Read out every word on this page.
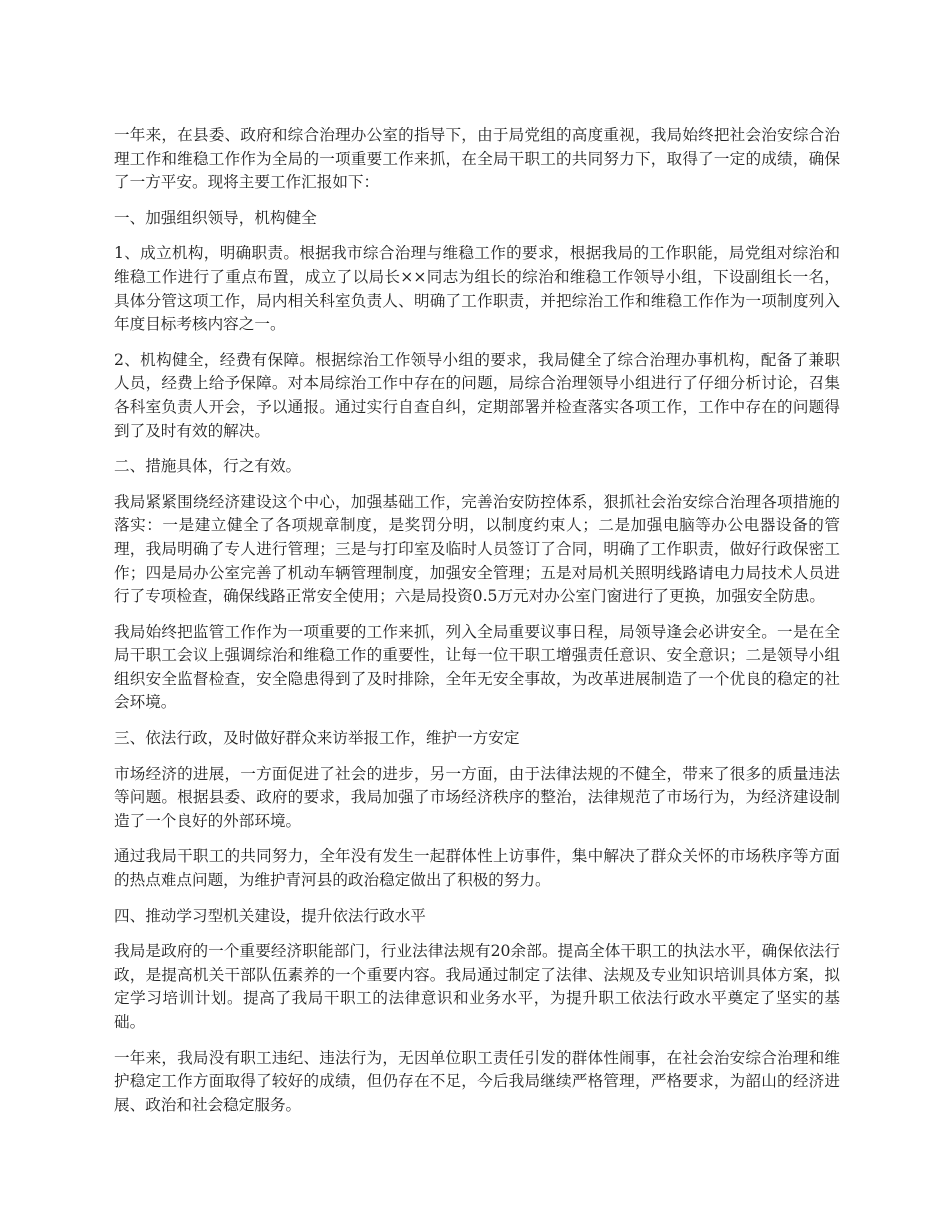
一年来，在县委、政府和综合治理办公室的指导下，由于局党组的高度重视，我局始终把社会治安综合治理工作和维稳工作作为全局的一项重要工作来抓，在全局干职工的共同努力下，取得了一定的成绩，确保了一方平安。现将主要工作汇报如下：

一、加强组织领导，机构健全

1、成立机构，明确职责。根据我市综合治理与维稳工作的要求，根据我局的工作职能，局党组对综治和维稳工作进行了重点布置，成立了以局长××同志为组长的综治和维稳工作领导小组，下设副组长一名，具体分管这项工作，局内相关科室负责人、明确了工作职责，并把综治工作和维稳工作作为一项制度列入年度目标考核内容之一。

2、机构健全，经费有保障。根据综治工作领导小组的要求，我局健全了综合治理办事机构，配备了兼职人员，经费上给予保障。对本局综治工作中存在的问题，局综合治理领导小组进行了仔细分析讨论，召集各科室负责人开会，予以通报。通过实行自查自纠，定期部署并检查落实各项工作，工作中存在的问题得到了及时有效的解决。

二、措施具体，行之有效。

我局紧紧围绕经济建设这个中心，加强基础工作，完善治安防控体系，狠抓社会治安综合治理各项措施的落实：一是建立健全了各项规章制度，是奖罚分明，以制度约束人；二是加强电脑等办公电器设备的管理，我局明确了专人进行管理；三是与打印室及临时人员签订了合同，明确了工作职责，做好行政保密工作；四是局办公室完善了机动车辆管理制度，加强安全管理；五是对局机关照明线路请电力局技术人员进行了专项检查，确保线路正常安全使用；六是局投资0.5万元对办公室门窗进行了更换，加强安全防患。

我局始终把监管工作作为一项重要的工作来抓，列入全局重要议事日程，局领导逢会必讲安全。一是在全局干职工会议上强调综治和维稳工作的重要性，让每一位干职工增强责任意识、安全意识；二是领导小组组织安全监督检查，安全隐患得到了及时排除，全年无安全事故，为改革进展制造了一个优良的稳定的社会环境。

三、依法行政，及时做好群众来访举报工作，维护一方安定

市场经济的进展，一方面促进了社会的进步，另一方面，由于法律法规的不健全，带来了很多的质量违法等问题。根据县委、政府的要求，我局加强了市场经济秩序的整治，法律规范了市场行为，为经济建设制造了一个良好的外部环境。

通过我局干职工的共同努力，全年没有发生一起群体性上访事件，集中解决了群众关怀的市场秩序等方面的热点难点问题，为维护青河县的政治稳定做出了积极的努力。

四、推动学习型机关建设，提升依法行政水平

我局是政府的一个重要经济职能部门，行业法律法规有20余部。提高全体干职工的执法水平，确保依法行政，是提高机关干部队伍素养的一个重要内容。我局通过制定了法律、法规及专业知识培训具体方案，拟定学习培训计划。提高了我局干职工的法律意识和业务水平，为提升职工依法行政水平奠定了坚实的基础。

一年来，我局没有职工违纪、违法行为，无因单位职工责任引发的群体性闹事，在社会治安综合治理和维护稳定工作方面取得了较好的成绩，但仍存在不足，今后我局继续严格管理，严格要求，为韶山的经济进展、政治和社会稳定服务。
